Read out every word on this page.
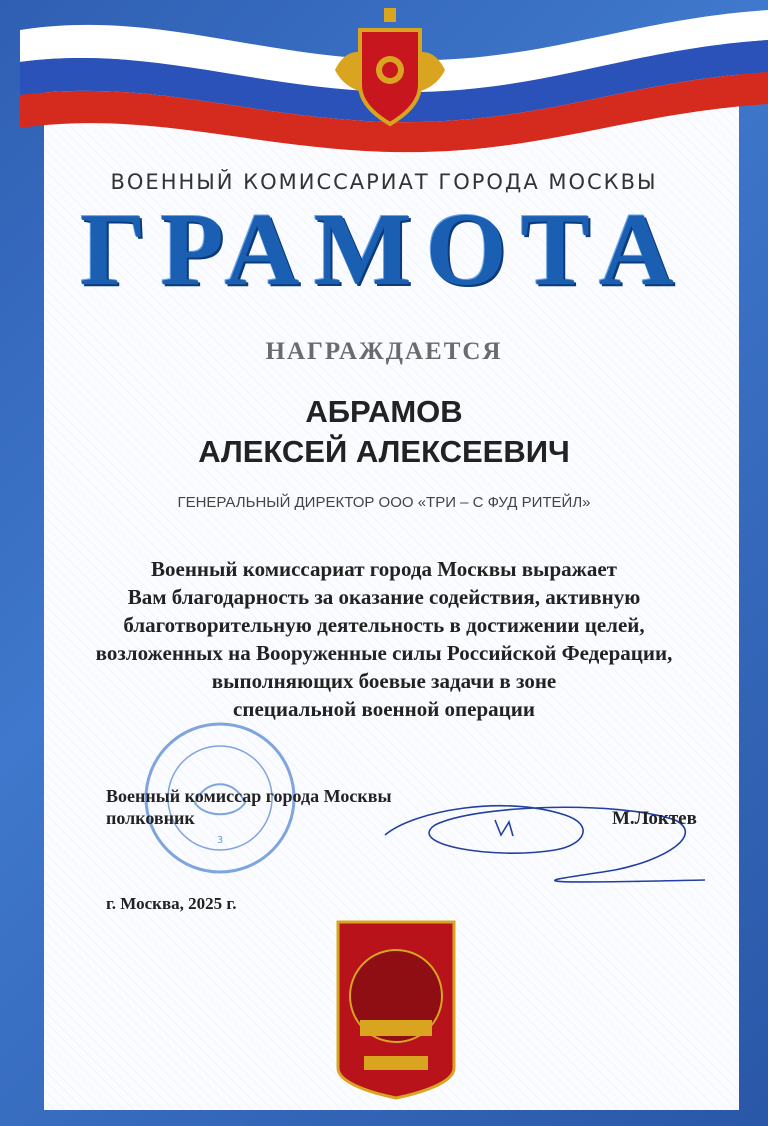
ВОЕННЫЙ КОМИССАРИАТ ГОРОДА МОСКВЫ
ГРАМОТА
НАГРАЖДАЕТСЯ
АБРАМОВ
АЛЕКСЕЙ АЛЕКСЕЕВИЧ
ГЕНЕРАЛЬНЫЙ ДИРЕКТОР ООО «ТРИ – С ФУД РИТЕЙЛ»
Военный комиссариат города Москвы выражает
Вам благодарность за оказание содействия, активную
благотворительную деятельность в достижении целей,
возложенных на Вооруженные силы Российской Федерации,
выполняющих боевые задачи в зоне
специальной военной операции
3
Военный комиссар города Москвы
полковник	М.Локтев
г. Москва, 2025 г.
